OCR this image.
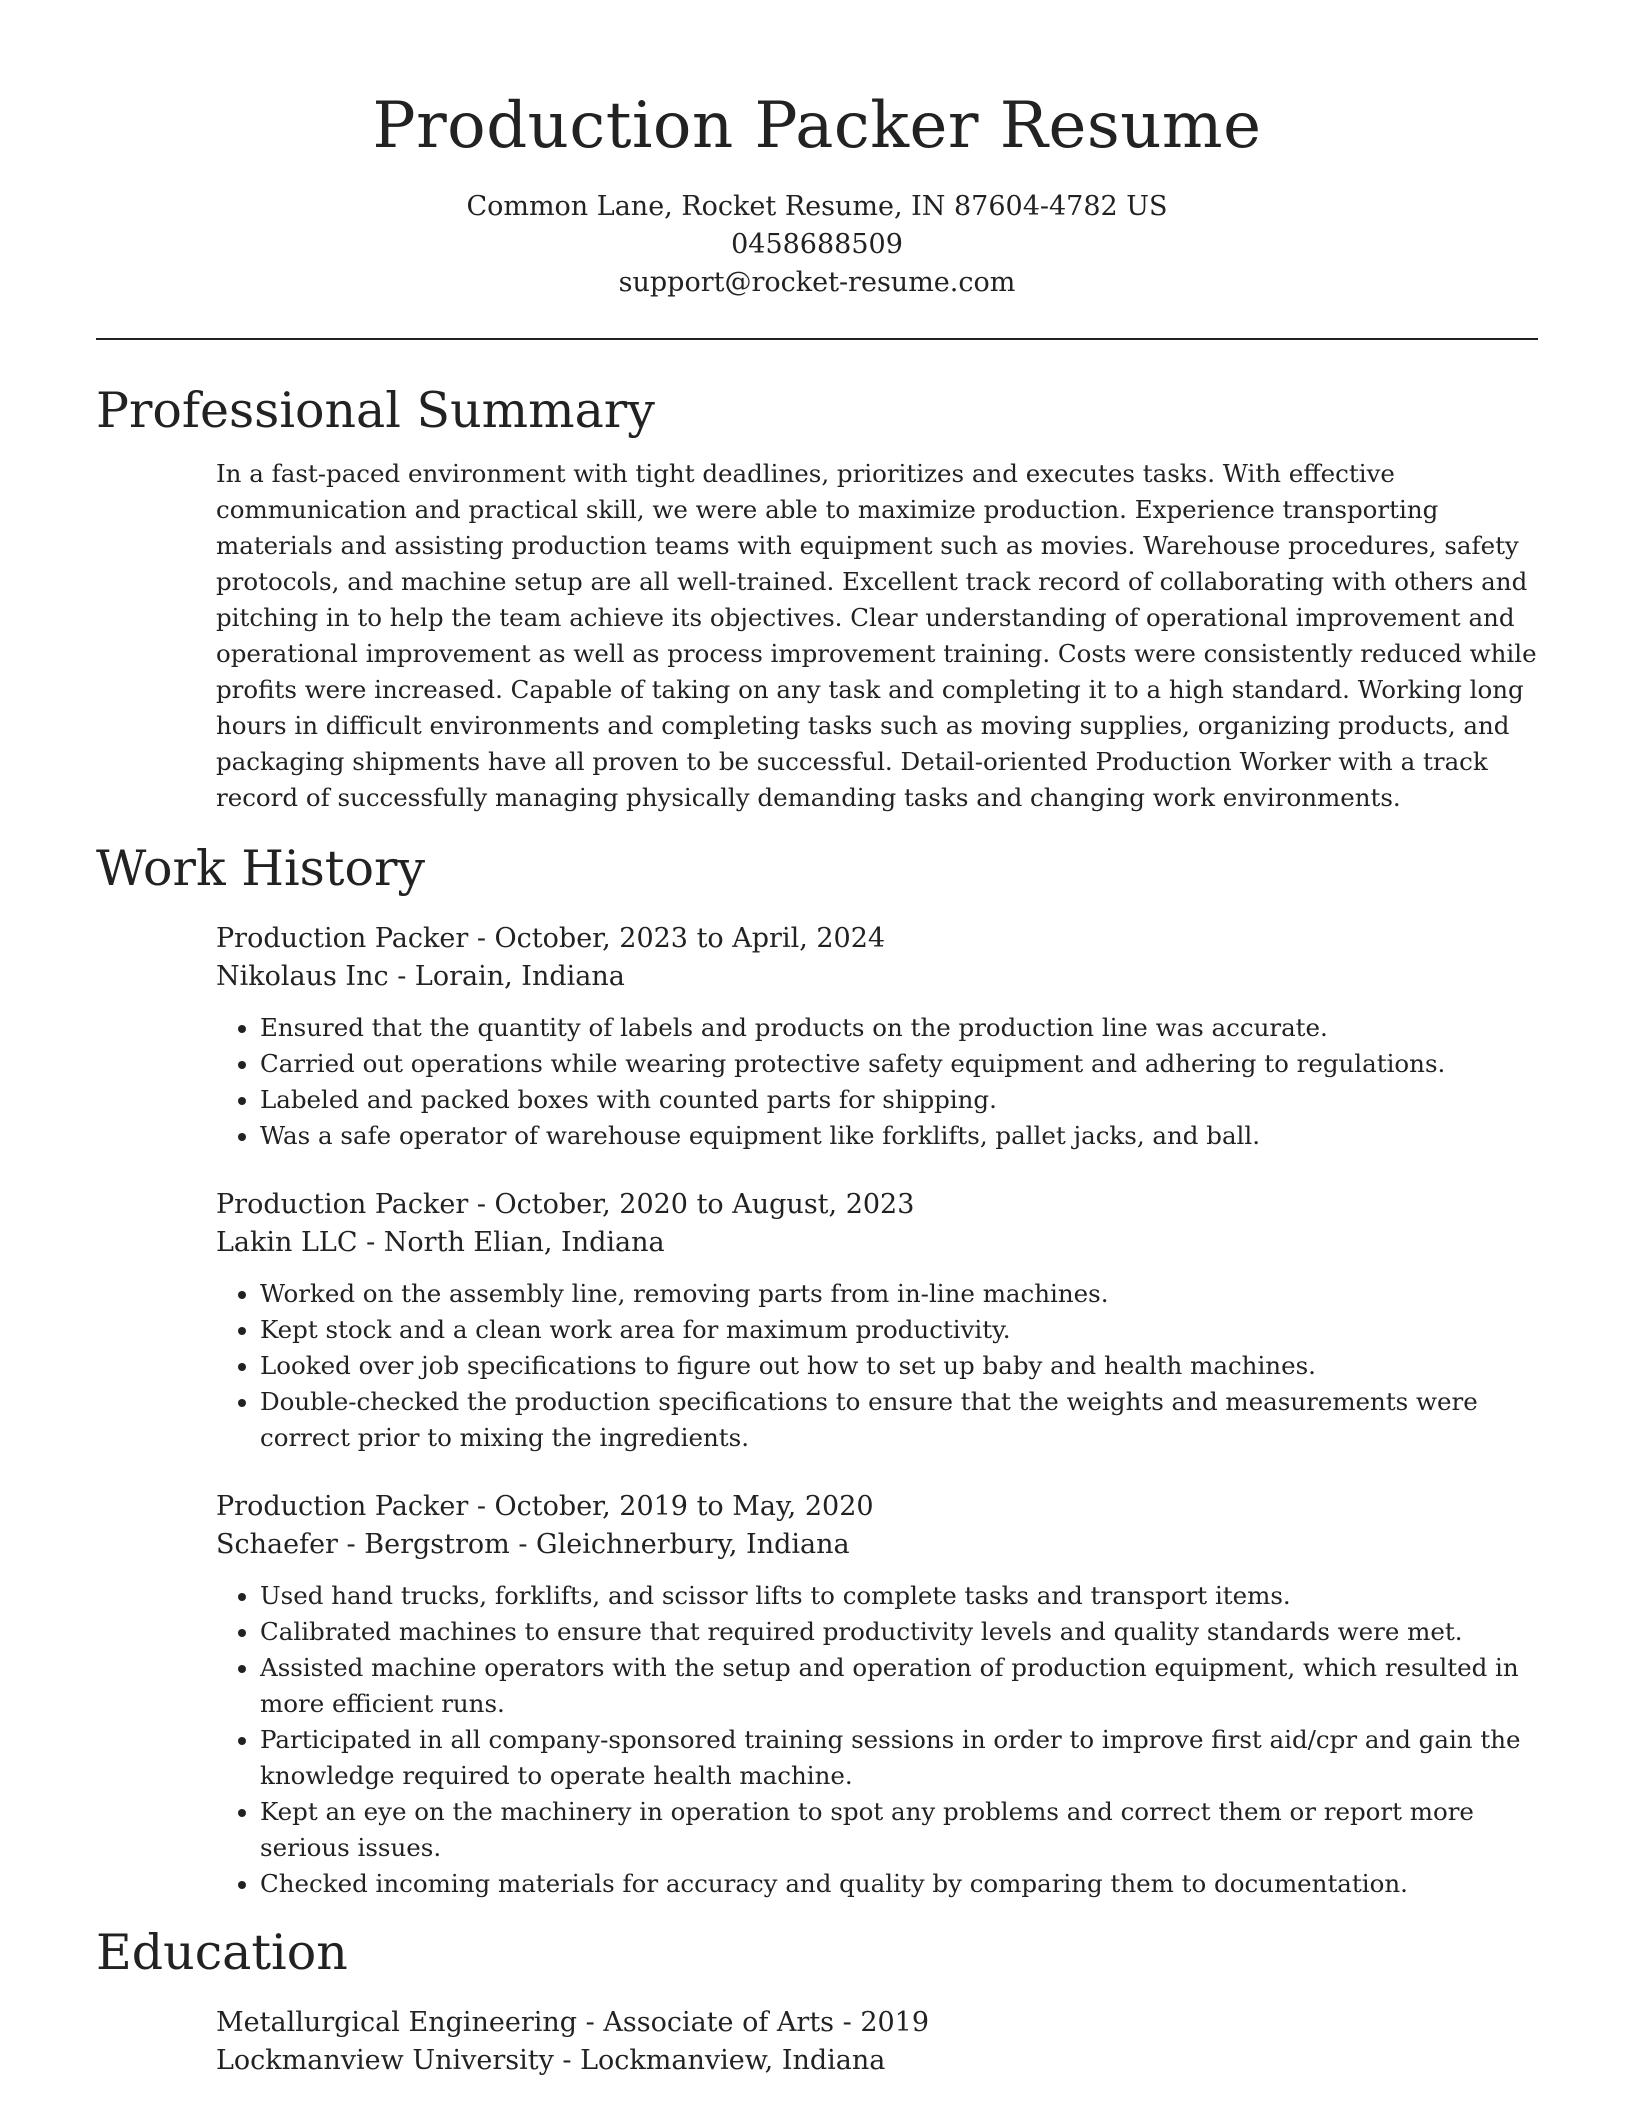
Production Packer Resume
Common Lane, Rocket Resume, IN 87604-4782 US
0458688509
support@rocket-resume.com
Professional Summary

In a fast-paced environment with tight deadlines, prioritizes and executes tasks. With effective communication and practical skill, we were able to maximize production. Experience transporting materials and assisting production teams with equipment such as movies. Warehouse procedures, safety protocols, and machine setup are all well-trained. Excellent track record of collaborating with others and pitching in to help the team achieve its objectives. Clear understanding of operational improvement and operational improvement as well as process improvement training. Costs were consistently reduced while profits were increased. Capable of taking on any task and completing it to a high standard. Working long hours in difficult environments and completing tasks such as moving supplies, organizing products, and packaging shipments have all proven to be successful. Detail-oriented Production Worker with a track record of successfully managing physically demanding tasks and changing work environments.

Work History
Production Packer - October, 2023 to April, 2024
Nikolaus Inc - Lorain, Indiana
• Ensured that the quantity of labels and products on the production line was accurate.
• Carried out operations while wearing protective safety equipment and adhering to regulations.
• Labeled and packed boxes with counted parts for shipping.
• Was a safe operator of warehouse equipment like forklifts, pallet jacks, and ball.
Production Packer - October, 2020 to August, 2023
Lakin LLC - North Elian, Indiana
• Worked on the assembly line, removing parts from in-line machines.
• Kept stock and a clean work area for maximum productivity.
• Looked over job specifications to figure out how to set up baby and health machines.
• Double-checked the production specifications to ensure that the weights and measurements were correct prior to mixing the ingredients.
Production Packer - October, 2019 to May, 2020
Schaefer - Bergstrom - Gleichnerbury, Indiana
• Used hand trucks, forklifts, and scissor lifts to complete tasks and transport items.
• Calibrated machines to ensure that required productivity levels and quality standards were met.
• Assisted machine operators with the setup and operation of production equipment, which resulted in more efficient runs.
• Participated in all company-sponsored training sessions in order to improve first aid/cpr and gain the knowledge required to operate health machine.
• Kept an eye on the machinery in operation to spot any problems and correct them or report more serious issues.
• Checked incoming materials for accuracy and quality by comparing them to documentation.
Education
Metallurgical Engineering - Associate of Arts - 2019
Lockmanview University - Lockmanview, Indiana
